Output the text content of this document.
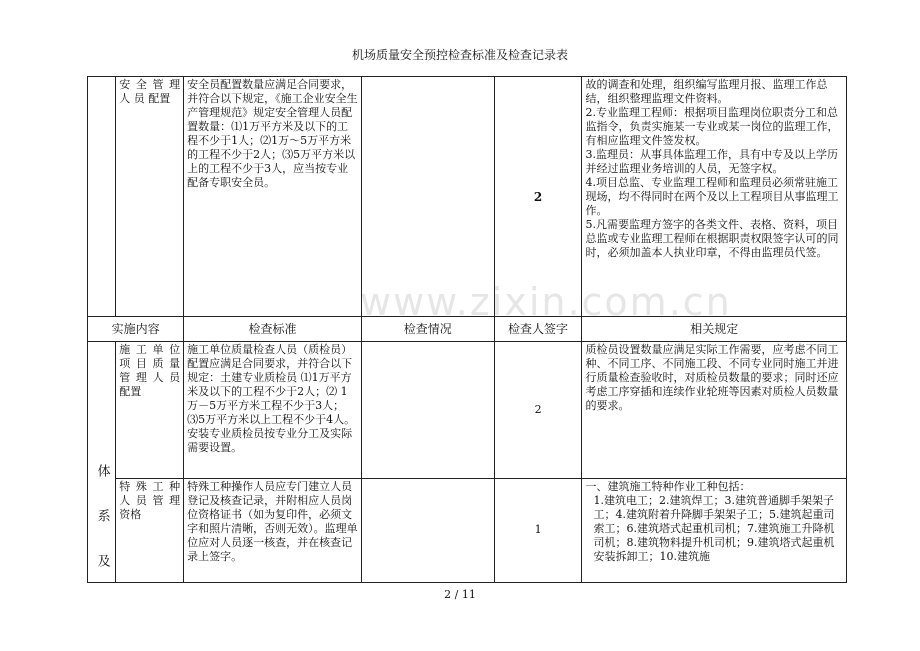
机场质量安全预控检查标准及检查记录表
www.zixin.com.cn
	安 全 管 理 人 员 配置	安全员配置数量应满足合同要求，并符合以下规定，《施工企业安全生产管理规范》规定安全管理人员配置数量：⑴1万平方米及以下的工程不少于1人；⑵1万～5万平方米的工程不少于2人；⑶5万平方米以上的工程不少于3人，应当按专业配备专职安全员。		2	故的调查和处理，组织编写监理月报、监理工作总结，组织整理监理文件资料。

2.专业监理工程师：根据项目监理岗位职责分工和总监指令，负责实施某一专业或某一岗位的监理工作，有相应监理文件签发权。

3.监理员：从事具体监理工作，具有中专及以上学历并经过监理业务培训的人员，无签字权。

4.项目总监、专业监理工程师和监理员必须常驻施工现场，均不得同时在两个及以上工程项目从事监理工作。

5.凡需要监理方签字的各类文件、表格、资料，项目总监或专业监理工程师在根据职责权限签字认可的同时，必须加盖本人执业印章，不得由监理员代签。

实施内容		检查标准	检查情况	检查人签字	相关规定

体 系 及	施 工 单 位 项 目 质 量 管 理 人 员 配置	施工单位质量检查人员（质检员）配置应满足合同要求，并符合以下规定：土建专业质检员 ⑴1万平方米及以下的工程不少于2人；⑵ 1万－5万平方米工程不少于3人；⑶5万平方米以上工程不少于4人。安装专业质检员按专业分工及实际需要设置。		2	质检员设置数量应满足实际工作需要，应考虑不同工种、不同工序、不同施工段、不同专业同时施工并进行质量检查验收时，对质检员数量的要求；同时还应考虑工序穿插和连续作业轮班等因素对质检人员数量的要求。
	特 殊 工 种 人 员 管 理 资格	特殊工种操作人员应专门建立人员登记及核查记录，并附相应人员岗位资格证书（如为复印件，必须文字和照片清晰，否则无效）。监理单位应对人员逐一核查，并在核查记录上签字。		1	一、建筑施工特种作业工种包括：

1.建筑电工；2.建筑焊工；3.建筑普通脚手架架子工；4.建筑附着升降脚手架架子工；5.建筑起重司索工；6.建筑塔式起重机司机；7.建筑施工升降机司机；8.建筑物料提升机司机；9.建筑塔式起重机安装拆卸工；10.建筑施

2 / 11
